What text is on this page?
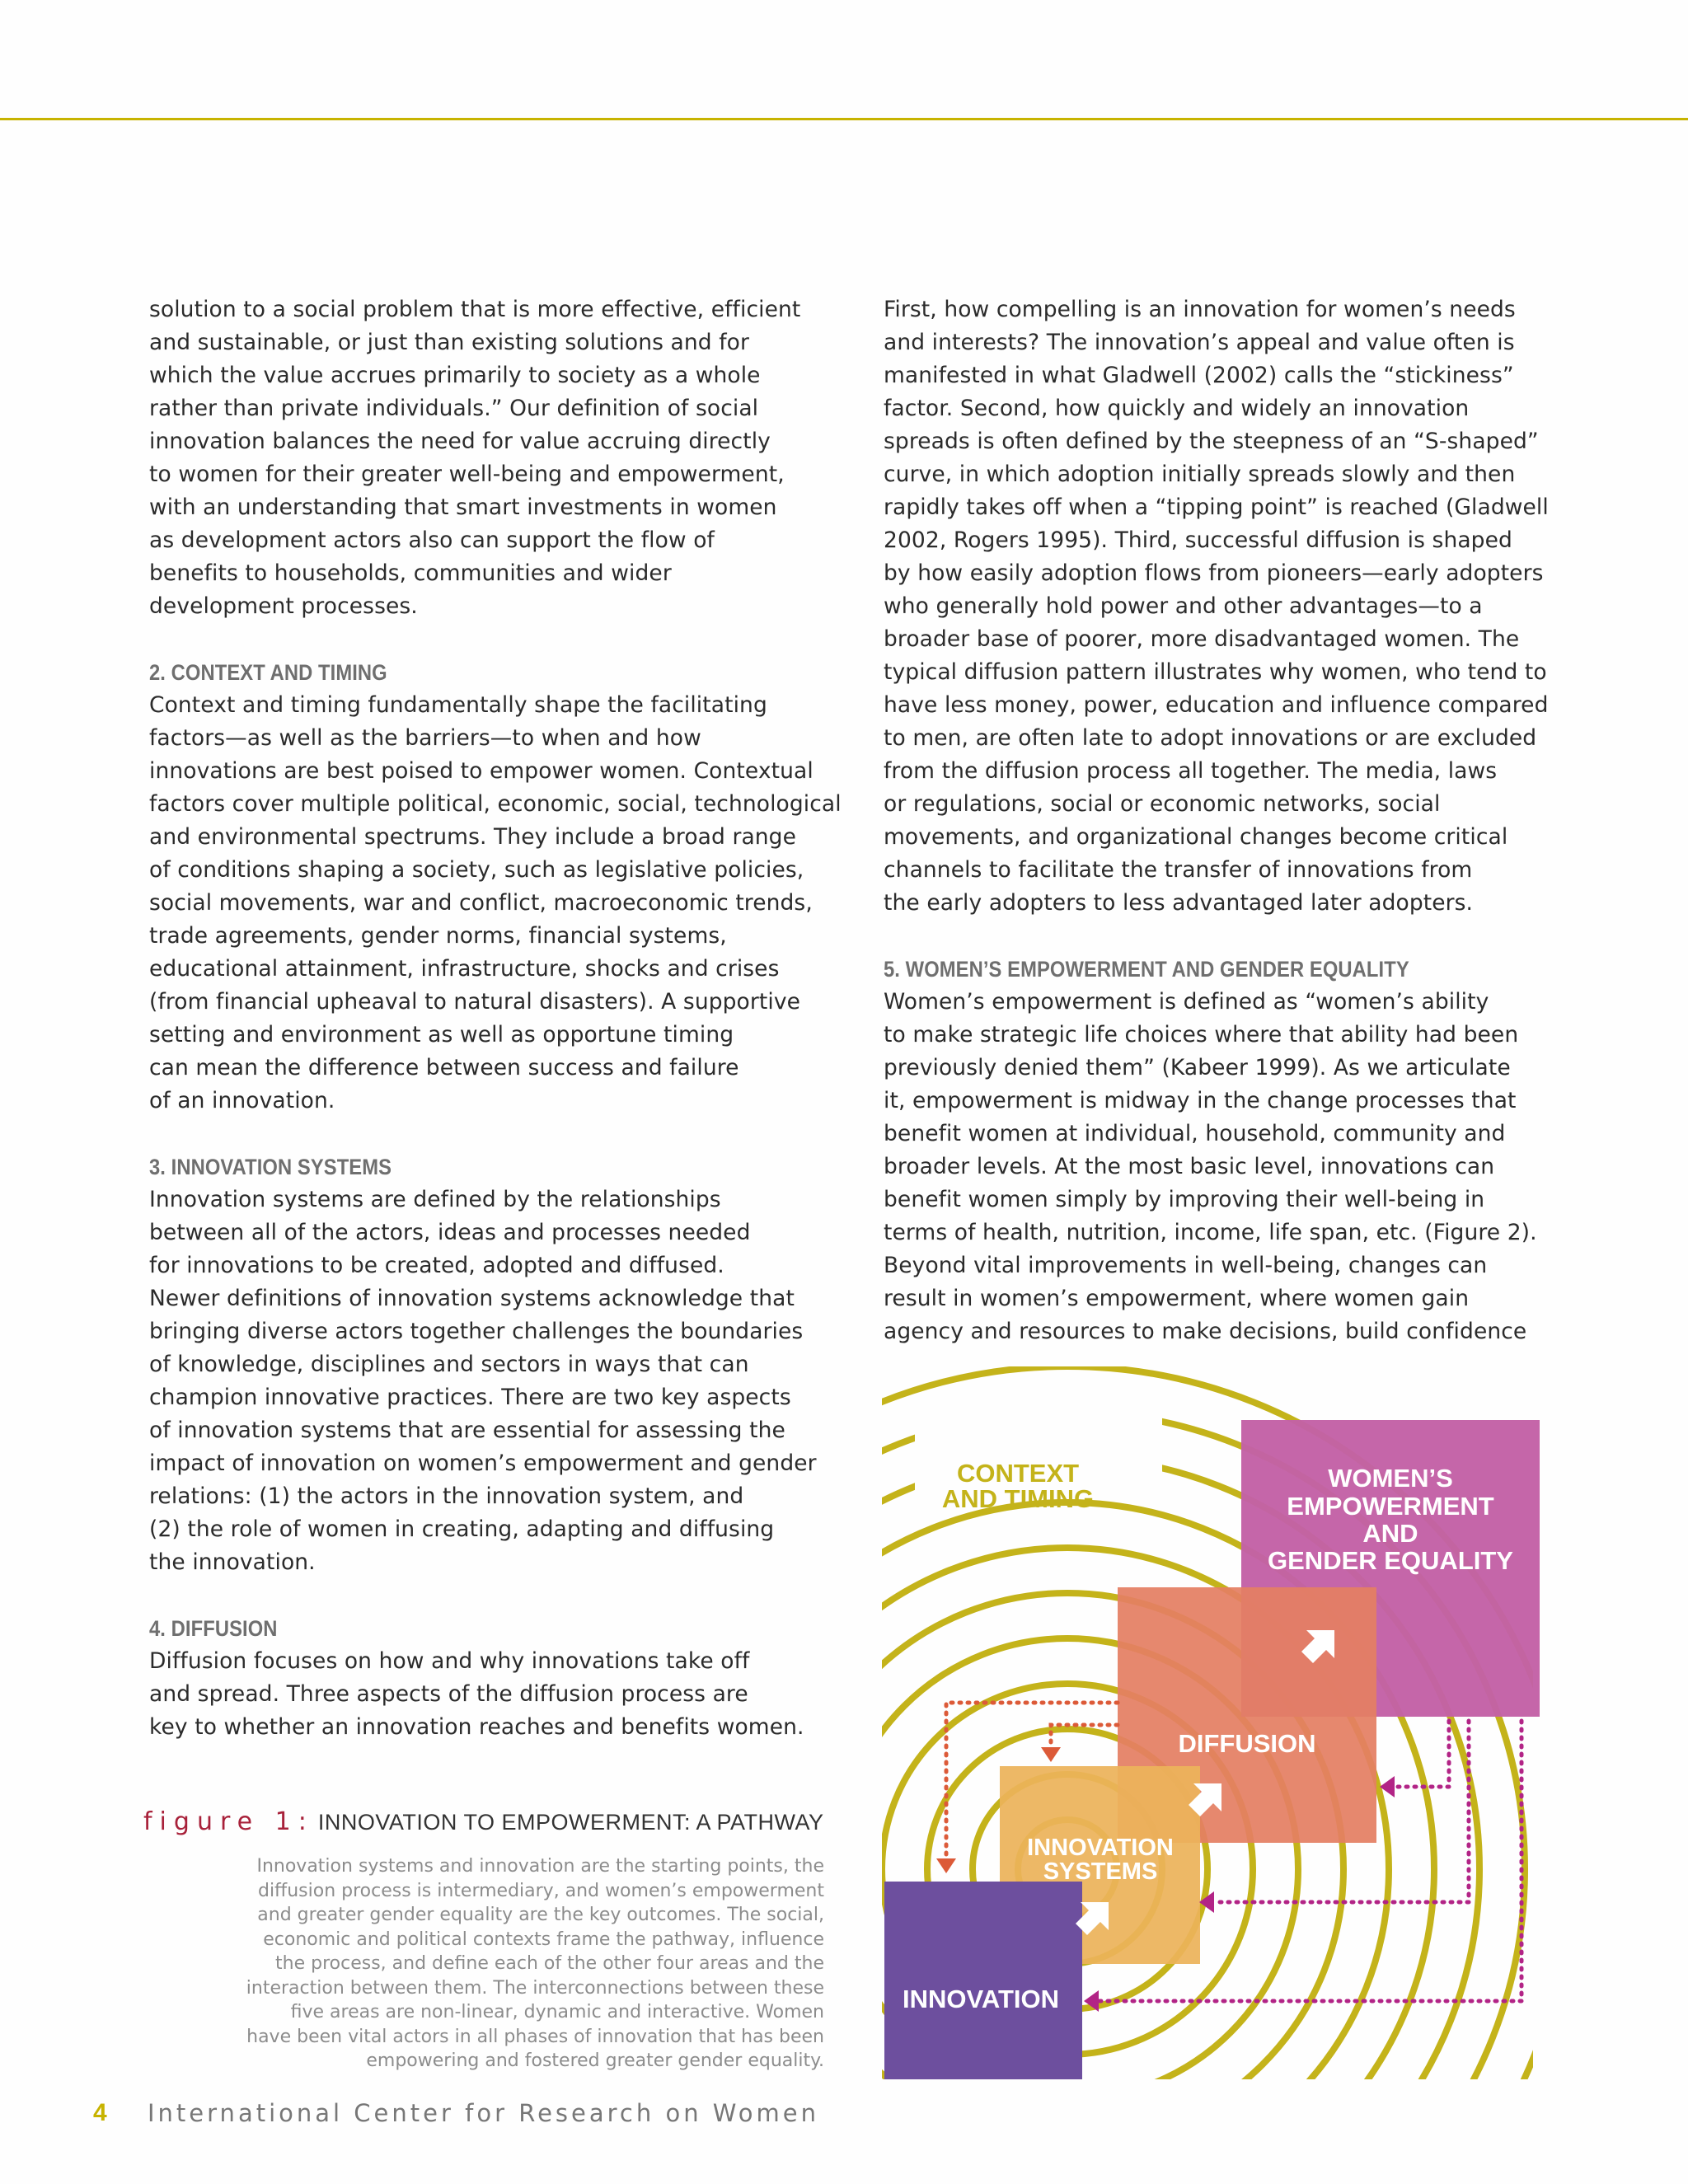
solution to a social problem that is more effective, efficient
and sustainable, or just than existing solutions and for
which the value accrues primarily to society as a whole
rather than private individuals.” Our definition of social
innovation balances the need for value accruing directly
to women for their greater well-being and empowerment,
with an understanding that smart investments in women
as development actors also can support the flow of
benefits to households, communities and wider
development processes.

2. CONTEXT AND TIMING

Context and timing fundamentally shape the facilitating
factors—as well as the barriers—to when and how
innovations are best poised to empower women. Contextual
factors cover multiple political, economic, social, technological
and environmental spectrums. They include a broad range
of conditions shaping a society, such as legislative policies,
social movements, war and conflict, macroeconomic trends,
trade agreements, gender norms, financial systems,
educational attainment, infrastructure, shocks and crises
(from financial upheaval to natural disasters). A supportive
setting and environment as well as opportune timing
can mean the difference between success and failure
of an innovation.

3. INNOVATION SYSTEMS

Innovation systems are defined by the relationships
between all of the actors, ideas and processes needed
for innovations to be created, adopted and diffused.
Newer definitions of innovation systems acknowledge that
bringing diverse actors together challenges the boundaries
of knowledge, disciplines and sectors in ways that can
champion innovative practices. There are two key aspects
of innovation systems that are essential for assessing the
impact of innovation on women’s empowerment and gender
relations: (1) the actors in the innovation system, and
(2) the role of women in creating, adapting and diffusing
the innovation.

4. DIFFUSION

Diffusion focuses on how and why innovations take off
and spread. Three aspects of the diffusion process are
key to whether an innovation reaches and benefits women.

First, how compelling is an innovation for women’s needs
and interests? The innovation’s appeal and value often is
manifested in what Gladwell (2002) calls the “stickiness”
factor. Second, how quickly and widely an innovation
spreads is often defined by the steepness of an “S-shaped”
curve, in which adoption initially spreads slowly and then
rapidly takes off when a “tipping point” is reached (Gladwell
2002, Rogers 1995). Third, successful diffusion is shaped
by how easily adoption flows from pioneers—early adopters
who generally hold power and other advantages—to a
broader base of poorer, more disadvantaged women. The
typical diffusion pattern illustrates why women, who tend to
have less money, power, education and influence compared
to men, are often late to adopt innovations or are excluded
from the diffusion process all together. The media, laws
or regulations, social or economic networks, social
movements, and organizational changes become critical
channels to facilitate the transfer of innovations from
the early adopters to less advantaged later adopters.

5. WOMEN’S EMPOWERMENT AND GENDER EQUALITY

Women’s empowerment is defined as “women’s ability
to make strategic life choices where that ability had been
previously denied them” (Kabeer 1999). As we articulate
it, empowerment is midway in the change processes that
benefit women at individual, household, community and
broader levels. At the most basic level, innovations can
benefit women simply by improving their well-being in
terms of health, nutrition, income, life span, etc. (Figure 2).
Beyond vital improvements in well-being, changes can
result in women’s empowerment, where women gain
agency and resources to make decisions, build confidence

figure 1: INNOVATION TO EMPOWERMENT: A PATHWAY
Innovation systems and innovation are the starting points, the
diffusion process is intermediary, and women’s empowerment
and greater gender equality are the key outcomes. The social,
economic and political contexts frame the pathway, influence
the process, and define each of the other four areas and the
interaction between them. The interconnections between these
five areas are non-linear, dynamic and interactive. Women
have been vital actors in all phases of innovation that has been
empowering and fostered greater gender equality.
CONTEXT
AND TIMING
WOMEN’S
EMPOWERMENT
AND
GENDER EQUALITY
DIFFUSION
INNOVATION
SYSTEMS
INNOVATION
4 International Center for Research on Women
